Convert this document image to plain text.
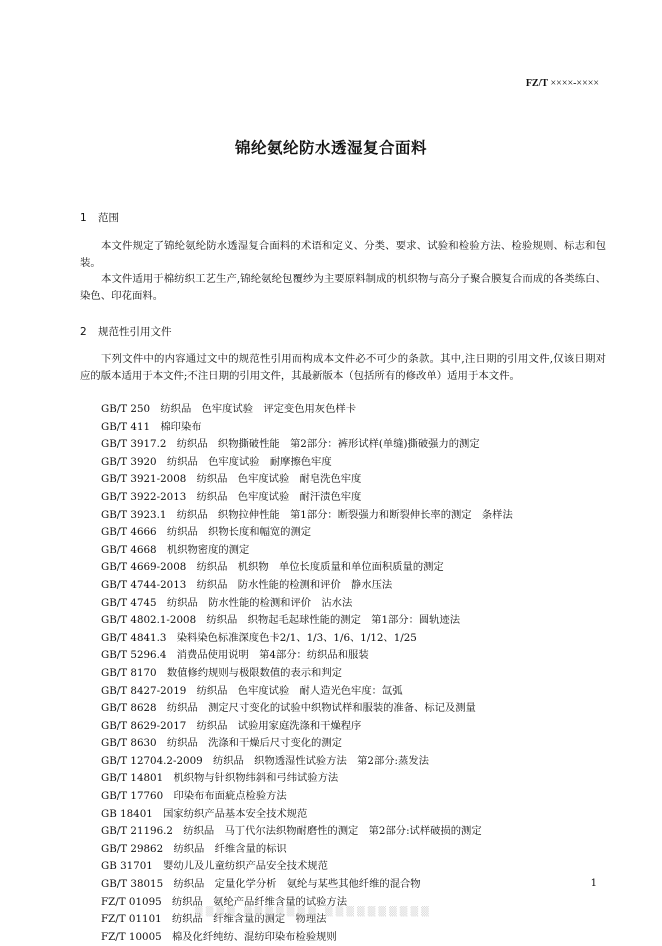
FZ/T ××××-××××
锦纶氨纶防水透湿复合面料
1 范围
本文件规定了锦纶氨纶防水透湿复合面料的术语和定义、分类、要求、试验和检验方法、检验规则、标志和包装。
本文件适用于棉纺织工艺生产,锦纶氨纶包覆纱为主要原料制成的机织物与高分子聚合膜复合而成的各类练白、染色、印花面料。
2 规范性引用文件
下列文件中的内容通过文中的规范性引用而构成本文件必不可少的条款。其中,注日期的引用文件,仅该日期对应的版本适用于本文件;不注日期的引用文件，其最新版本（包括所有的修改单）适用于本文件。
GB/T 250　纺织品　色牢度试验　评定变色用灰色样卡
GB/T 411　棉印染布
GB/T 3917.2　纺织品　织物撕破性能　第2部分：裤形试样(单缝)撕破强力的测定
GB/T 3920　纺织品　色牢度试验　耐摩擦色牢度
GB/T 3921-2008　纺织品　色牢度试验　耐皂洗色牢度
GB/T 3922-2013　纺织品　色牢度试验　耐汗渍色牢度
GB/T 3923.1　纺织品　织物拉伸性能　第1部分：断裂强力和断裂伸长率的测定　条样法
GB/T 4666　纺织品　织物长度和幅宽的测定
GB/T 4668　机织物密度的测定
GB/T 4669-2008　纺织品　机织物　单位长度质量和单位面积质量的测定
GB/T 4744-2013　纺织品　防水性能的检测和评价　静水压法
GB/T 4745　纺织品　防水性能的检测和评价　沾水法
GB/T 4802.1-2008　纺织品　织物起毛起球性能的测定　第1部分：圆轨迹法
GB/T 4841.3　染料染色标准深度色卡2/1、1/3、1/6、1/12、1/25
GB/T 5296.4　消费品使用说明　第4部分：纺织品和服装
GB/T 8170　数值修约规则与极限数值的表示和判定
GB/T 8427-2019　纺织品　色牢度试验　耐人造光色牢度：氙弧
GB/T 8628　纺织品　测定尺寸变化的试验中织物试样和服装的准备、标记及测量
GB/T 8629-2017　纺织品　试验用家庭洗涤和干燥程序
GB/T 8630　纺织品　洗涤和干燥后尺寸变化的测定
GB/T 12704.2-2009　纺织品　织物透湿性试验方法　第2部分:蒸发法
GB/T 14801　机织物与针织物纬斜和弓纬试验方法
GB/T 17760　印染布布面疵点检验方法
GB 18401　国家纺织产品基本安全技术规范
GB/T 21196.2　纺织品　马丁代尔法织物耐磨性的测定　第2部分:试样破损的测定
GB/T 29862　纺织品　纤维含量的标识
GB 31701　婴幼儿及儿童纺织产品安全技术规范
GB/T 38015　纺织品　定量化学分析　氨纶与某些其他纤维的混合物
FZ/T 01095　纺织品　氨纶产品纤维含量的试验方法
FZ/T 01101　纺织品　纤维含量的测定　物理法
FZ/T 10005　棉及化纤纯纺、混纺印染布检验规则
1
▒▒▒▒ ▒▒▒▒▒▒▒ ▒▒▒▒▒▒▒▒▒▒
